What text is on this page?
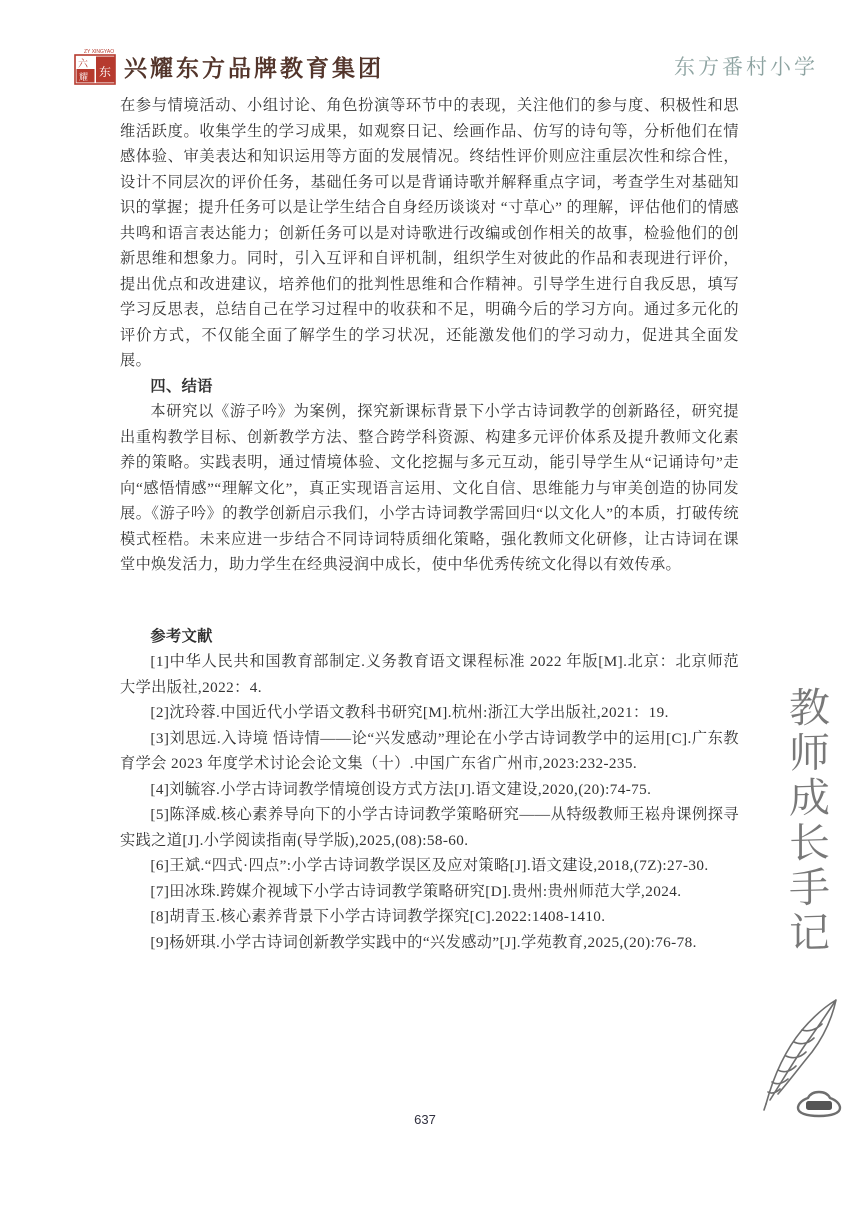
ZY XINGYAO
六
耀 东 兴耀东方品牌教育集团	东方番村小学

在参与情境活动、小组讨论、角色扮演等环节中的表现，关注他们的参与度、积极性和思维活跃度。收集学生的学习成果，如观察日记、绘画作品、仿写的诗句等，分析他们在情感体验、审美表达和知识运用等方面的发展情况。终结性评价则应注重层次性和综合性，设计不同层次的评价任务，基础任务可以是背诵诗歌并解释重点字词，考查学生对基础知识的掌握；提升任务可以是让学生结合自身经历谈谈对 “寸草心” 的理解，评估他们的情感共鸣和语言表达能力；创新任务可以是对诗歌进行改编或创作相关的故事，检验他们的创新思维和想象力。同时，引入互评和自评机制，组织学生对彼此的作品和表现进行评价，提出优点和改进建议，培养他们的批判性思维和合作精神。引导学生进行自我反思，填写学习反思表，总结自己在学习过程中的收获和不足，明确今后的学习方向。通过多元化的评价方式，不仅能全面了解学生的学习状况，还能激发他们的学习动力，促进其全面发展。

四、结语

本研究以《游子吟》为案例，探究新课标背景下小学古诗词教学的创新路径，研究提出重构教学目标、创新教学方法、整合跨学科资源、构建多元评价体系及提升教师文化素养的策略。实践表明，通过情境体验、文化挖掘与多元互动，能引导学生从“记诵诗句”走向“感悟情感”“理解文化”，真正实现语言运用、文化自信、思维能力与审美创造的协同发展。《游子吟》的教学创新启示我们，小学古诗词教学需回归“以文化人”的本质，打破传统模式桎梏。未来应进一步结合不同诗词特质细化策略，强化教师文化研修，让古诗词在课堂中焕发活力，助力学生在经典浸润中成长，使中华优秀传统文化得以有效传承。

参考文献

[1]中华人民共和国教育部制定.义务教育语文课程标准 2022 年版[M].北京：北京师范大学出版社,2022：4.

[2]沈玲蓉.中国近代小学语文教科书研究[M].杭州:浙江大学出版社,2021：19.

[3]刘思远.入诗境 悟诗情——论“兴发感动”理论在小学古诗词教学中的运用[C].广东教育学会 2023 年度学术讨论会论文集（十）.中国广东省广州市,2023:232-235.

[4]刘毓容.小学古诗词教学情境创设方式方法[J].语文建设,2020,(20):74-75.

[5]陈泽威.核心素养导向下的小学古诗词教学策略研究——从特级教师王崧舟课例探寻实践之道[J].小学阅读指南(导学版),2025,(08):58-60.

[6]王斌.“四式·四点”:小学古诗词教学误区及应对策略[J].语文建设,2018,(7Z):27-30.

[7]田冰珠.跨媒介视域下小学古诗词教学策略研究[D].贵州:贵州师范大学,2024.

[8]胡青玉.核心素养背景下小学古诗词教学探究[C].2022:1408-1410.

[9]杨妍琪.小学古诗词创新教学实践中的“兴发感动”[J].学苑教育,2025,(20):76-78.	教师成长手记
637
